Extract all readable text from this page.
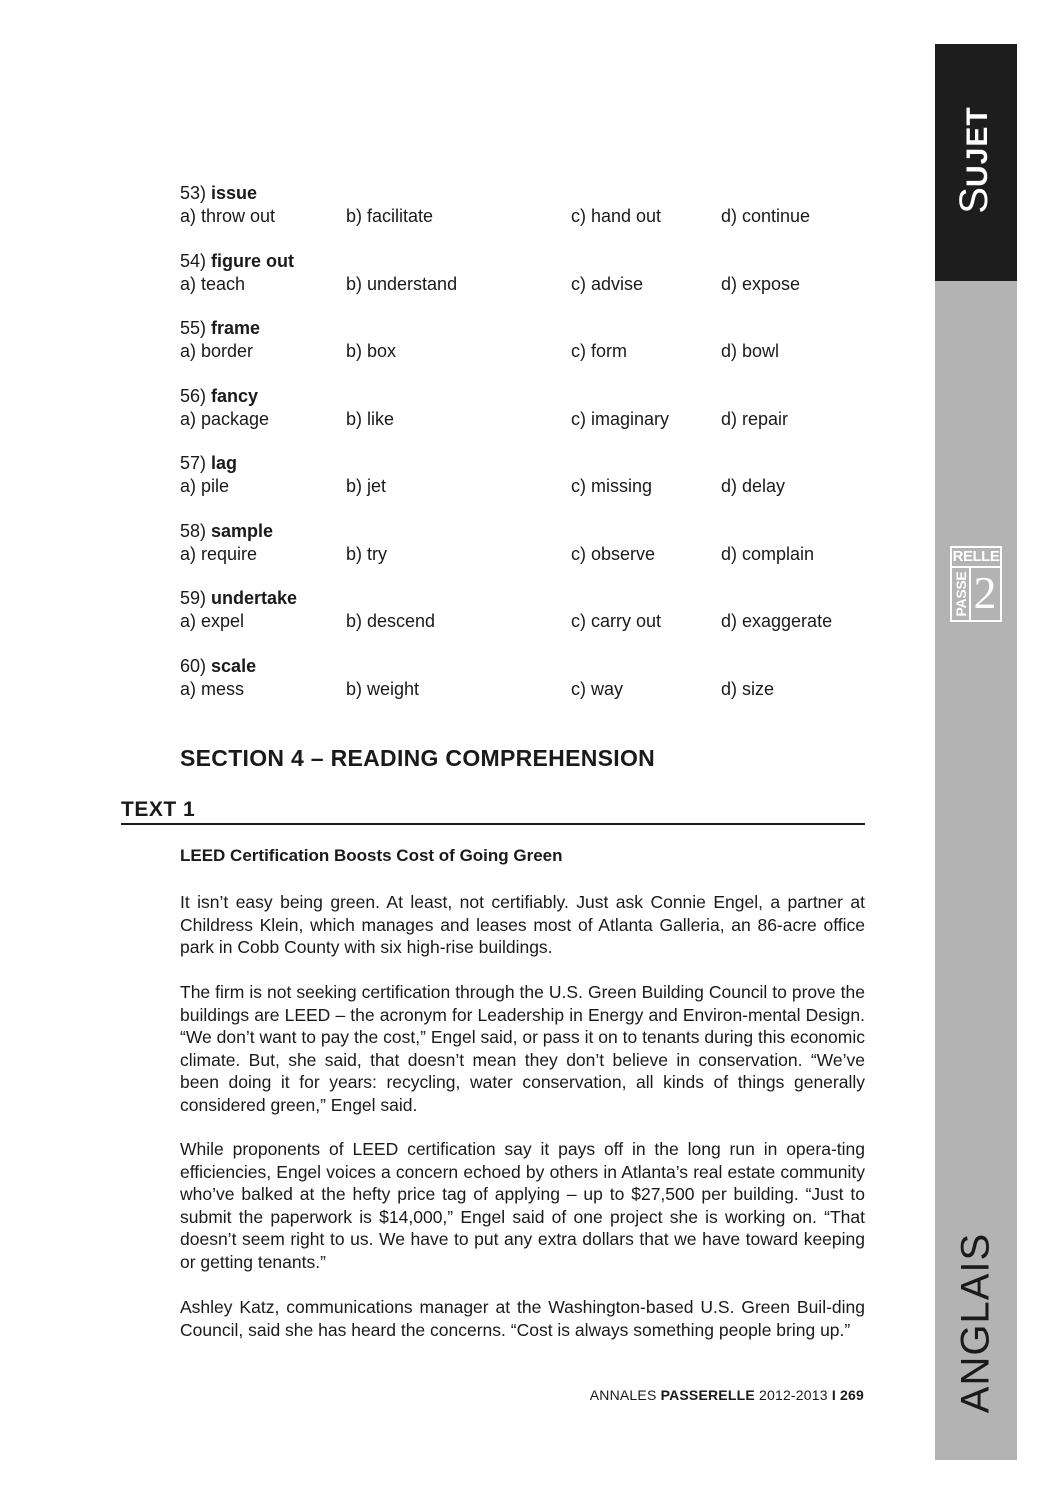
53) issue
a) throw out	b) facilitate	c) hand out	d) continue
54) figure out
a) teach	b) understand	c) advise	d) expose
55) frame
a) border	b) box	c) form	d) bowl
56) fancy
a) package	b) like	c) imaginary	d) repair
57) lag
a) pile	b) jet	c) missing	d) delay
58) sample
a) require	b) try	c) observe	d) complain
59) undertake
a) expel	b) descend	c) carry out	d) exaggerate
60) scale
a) mess	b) weight	c) way	d) size
SECTION 4 – READING COMPREHENSION
TEXT 1
LEED Certification Boosts Cost of Going Green

It isn’t easy being green. At least, not certifiably. Just ask Connie Engel, a partner at Childress Klein, which manages and leases most of Atlanta Galleria, an 86-acre office park in Cobb County with six high-rise buildings.

The firm is not seeking certification through the U.S. Green Building Council to prove the buildings are LEED – the acronym for Leadership in Energy and Environ-mental Design. “We don’t want to pay the cost,” Engel said, or pass it on to tenants during this economic climate. But, she said, that doesn’t mean they don’t believe in conservation. “We’ve been doing it for years: recycling, water conservation, all kinds of things generally considered green,” Engel said.

While proponents of LEED certification say it pays off in the long run in opera-ting efficiencies, Engel voices a concern echoed by others in Atlanta’s real estate community who’ve balked at the hefty price tag of applying – up to $27,500 per building. “Just to submit the paperwork is $14,000,” Engel said of one project she is working on. “That doesn’t seem right to us. We have to put any extra dollars that we have toward keeping or getting tenants.”

Ashley Katz, communications manager at the Washington-based U.S. Green Buil-ding Council, said she has heard the concerns. “Cost is always something people bring up.”

ANNALES PASSERELLE 2012-2013 I 269
SUJET
RELLE
PASSE 2
ANGLAIS
